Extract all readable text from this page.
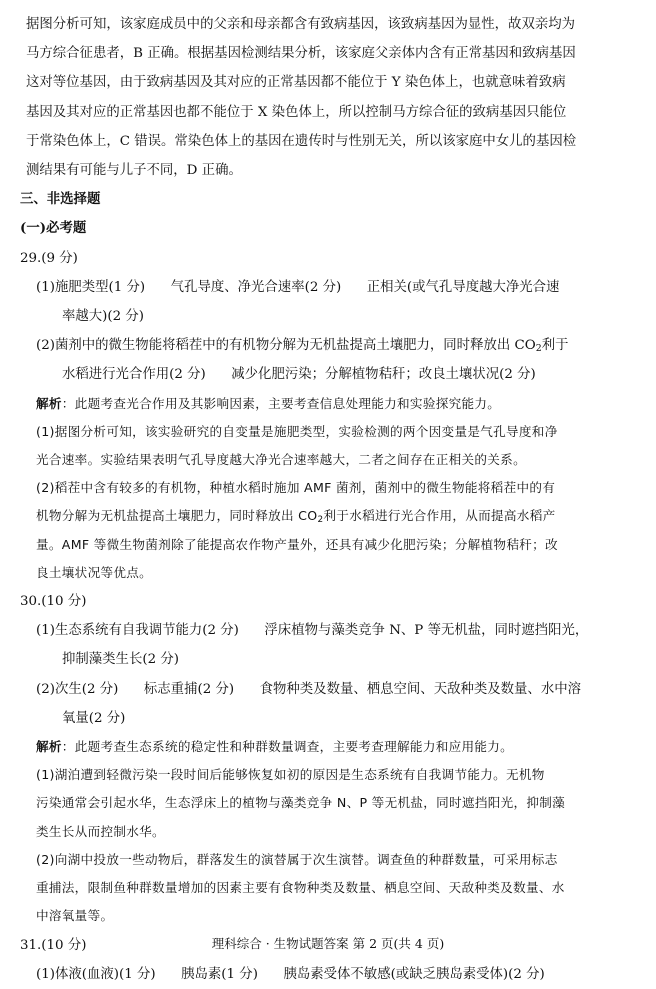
据图分析可知，该家庭成员中的父亲和母亲都含有致病基因，该致病基因为显性，故双亲均为

马方综合征患者，B 正确。根据基因检测结果分析，该家庭父亲体内含有正常基因和致病基因

这对等位基因，由于致病基因及其对应的正常基因都不能位于 Y 染色体上，也就意味着致病

基因及其对应的正常基因也都不能位于 X 染色体上，所以控制马方综合征的致病基因只能位

于常染色体上，C 错误。常染色体上的基因在遗传时与性别无关，所以该家庭中女儿的基因检

测结果有可能与儿子不同，D 正确。

三、非选择题

(一)必考题

29.(9 分)

(1)施肥类型(1 分)      气孔导度、净光合速率(2 分)      正相关(或气孔导度越大净光合速

率越大)(2 分)

(2)菌剂中的微生物能将稻茬中的有机物分解为无机盐提高土壤肥力，同时释放出 $CO_2$利于

水稻进行光合作用(2 分)      减少化肥污染；分解植物秸秆；改良土壤状况(2 分)

解析：此题考查光合作用及其影响因素，主要考查信息处理能力和实验探究能力。

(1)据图分析可知，该实验研究的自变量是施肥类型，实验检测的两个因变量是气孔导度和净

光合速率。实验结果表明气孔导度越大净光合速率越大，二者之间存在正相关的关系。

(2)稻茬中含有较多的有机物，种植水稻时施加 AMF 菌剂，菌剂中的微生物能将稻茬中的有

机物分解为无机盐提高土壤肥力，同时释放出 $CO_2$利于水稻进行光合作用，从而提高水稻产

量。AMF 等微生物菌剂除了能提高农作物产量外，还具有减少化肥污染；分解植物秸秆；改

良土壤状况等优点。

30.(10 分)

(1)生态系统有自我调节能力(2 分)      浮床植物与藻类竞争 N、P 等无机盐，同时遮挡阳光，

抑制藻类生长(2 分)

(2)次生(2 分)      标志重捕(2 分)      食物种类及数量、栖息空间、天敌种类及数量、水中溶

氧量(2 分)

解析：此题考查生态系统的稳定性和种群数量调查，主要考查理解能力和应用能力。

(1)湖泊遭到轻微污染一段时间后能够恢复如初的原因是生态系统有自我调节能力。无机物

污染通常会引起水华，生态浮床上的植物与藻类竞争 N、P 等无机盐，同时遮挡阳光，抑制藻

类生长从而控制水华。

(2)向湖中投放一些动物后，群落发生的演替属于次生演替。调查鱼的种群数量，可采用标志

重捕法，限制鱼种群数量增加的因素主要有食物种类及数量、栖息空间、天敌种类及数量、水

中溶氧量等。

31.(10 分)

(1)体液(血液)(1 分)      胰岛素(1 分)      胰岛素受体不敏感(或缺乏胰岛素受体)(2 分)

理科综合 · 生物试题答案 第 2 页(共 4 页)
